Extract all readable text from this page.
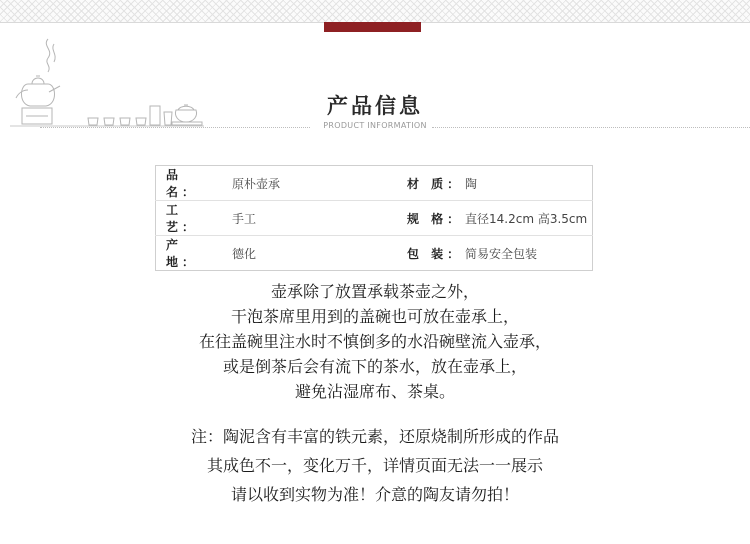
产品信息
PRODUCT INFORMATION
品 名：	原朴壶承	材 质：	陶
工 艺：	手工	规 格：	直径14.2cm 高3.5cm
产 地：	德化	包 装：	简易安全包装
壶承除了放置承载茶壶之外，
干泡茶席里用到的盖碗也可放在壶承上，
在往盖碗里注水时不慎倒多的水沿碗壁流入壶承，
或是倒茶后会有流下的茶水，放在壶承上，
避免沾湿席布、茶桌。
注：陶泥含有丰富的铁元素，还原烧制所形成的作品
其成色不一，变化万千，详情页面无法一一展示
请以收到实物为准！介意的陶友请勿拍！
